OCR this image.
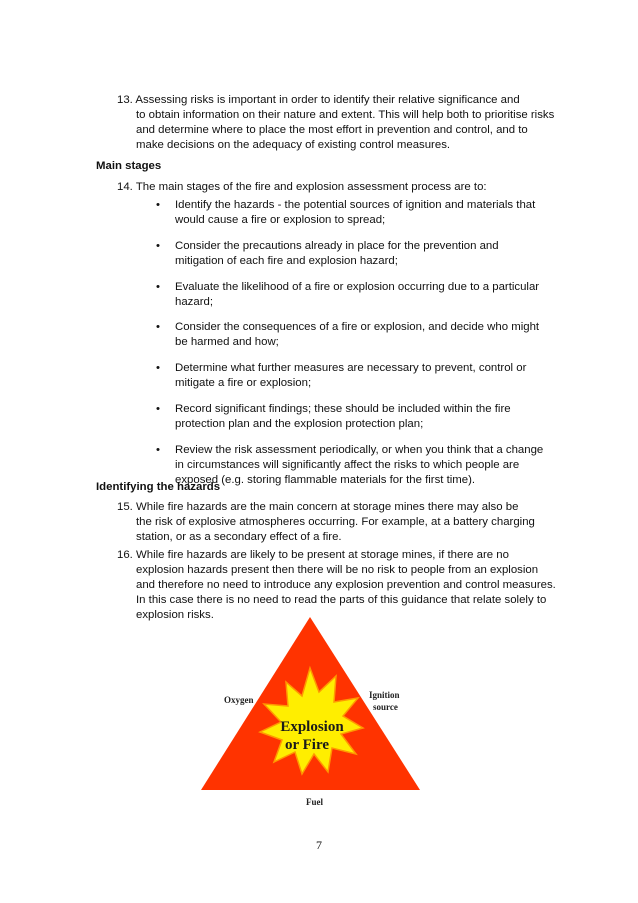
13. Assessing risks is important in order to identify their relative significance and
to obtain information on their nature and extent. This will help both to prioritise risks and determine where to place the most effort in prevention and control, and to make decisions on the adequacy of existing control measures.
Main stages
14. The main stages of the fire and explosion assessment process are to:
• Identify the hazards - the potential sources of ignition and materials that would cause a fire or explosion to spread;
• Consider the precautions already in place for the prevention and mitigation of each fire and explosion hazard;
• Evaluate the likelihood of a fire or explosion occurring due to a particular hazard;
• Consider the consequences of a fire or explosion, and decide who might be harmed and how;
• Determine what further measures are necessary to prevent, control or mitigate a fire or explosion;
• Record significant findings; these should be included within the fire protection plan and the explosion protection plan;
• Review the risk assessment periodically, or when you think that a change in circumstances will significantly affect the risks to which people are exposed (e.g. storing flammable materials for the first time).
Identifying the hazards
15. While fire hazards are the main concern at storage mines there may also be
the risk of explosive atmospheres occurring. For example, at a battery charging station, or as a secondary effect of a fire.
16. While fire hazards are likely to be present at storage mines, if there are no
explosion hazards present then there will be no risk to people from an explosion and therefore no need to introduce any explosion prevention and control measures. In this case there is no need to read the parts of this guidance that relate solely to explosion risks.
Explosion
or Fire
Oxygen	Ignition
source
Fuel
7
